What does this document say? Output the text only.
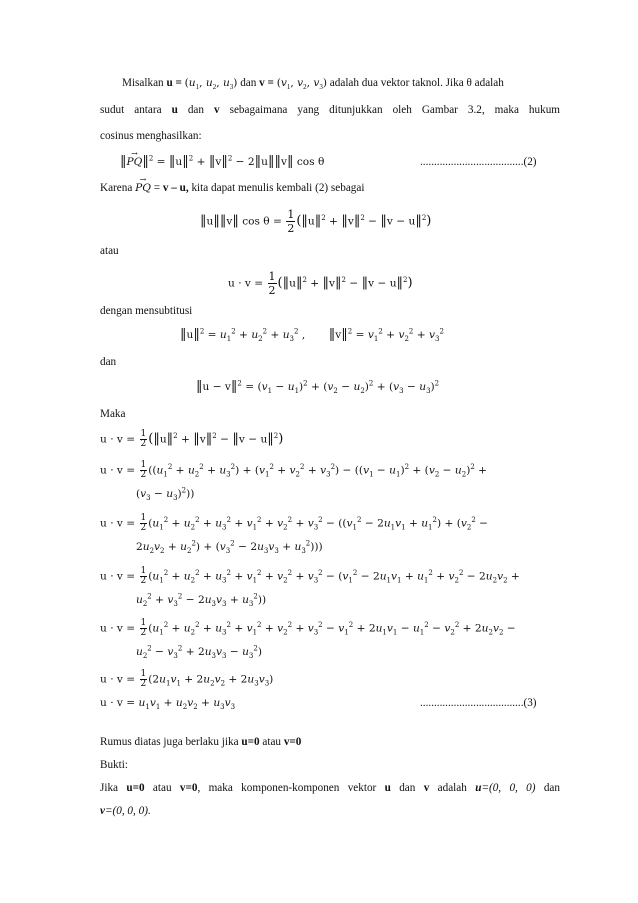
Misalkan $u = (u_1$, $u_2$, $u_3$) dan $v = (v_1$, $v_2$, $v_3$) adalah dua vektor taknol. Jika θ adalah
sudut antara u dan v sebagaimana yang ditunjukkan oleh Gambar 3.2, maka hukum
cosinus menghasilkan:
‖→ PQ‖$^2$ = ‖u‖$^2$ + ‖v‖$^2$ − 2‖u‖‖v‖ cos θ	.....................................(2)
Karena → PQ = v – u, kita dapat menulis kembali (2) sebagai
‖u‖‖v‖ $\cos \theta = \frac{1}{2}$ (‖u‖$^2$ + ‖v‖$^2$ − ‖v − u‖$^2$)
atau
$u \cdot v = \frac{1}{2}$ (‖u‖$^2$ + ‖v‖$^2$ − ‖v − u‖$^2$)
dengan mensubtitusi
‖u‖$^2$ = $u_1^2 + u_2^2 + u_3^2$ ,       ‖v‖$^2$ = $v_1^2 + v_2^2 + v_3^2$
dan
‖u − v‖$^2$ = $(v_1 - u_1)^2 + (v_2 - u_2)^2 + (v_3 - u_3)^2$
Maka
$u \cdot v = \frac{1}{2}$ (‖u‖$^2$ + ‖v‖$^2$ − ‖v − u‖$^2$)
$u \cdot v = \frac{1}{2} ((u_1^2 + u_2^2 + u_3^2) + (v_1^2 + v_2^2 + v_3^2) - ((v_1 - u_1)^2 + (v_2 - u_2)^2$ +
$(v_3 - u_3)^2$))
$u \cdot v = \frac{1}{2} (u_1^2 + u_2^2 + u_3^2 + v_1^2 + v_2^2 + v_3^2 - ((v_1^2 - 2u_1v_1 + u_1^2) + (v_2^2$ −
$2u_2v_2 + u_2^2) + (v_3^2 - 2u_3v_3 + u_3^2)$))
$u \cdot v = \frac{1}{2} (u_1^2 + u_2^2 + u_3^2 + v_1^2 + v_2^2 + v_3^2 - (v_1^2 - 2u_1v_1 + u_1^2 + v_2^2 - 2u_2v_2$ +
$u_2^2 + v_3^2 - 2u_3v_3 + u_3^2$))
$u \cdot v = \frac{1}{2} (u_1^2 + u_2^2 + u_3^2 + v_1^2 + v_2^2 + v_3^2 - v_1^2 + 2u_1v_1 - u_1^2 - v_2^2 + 2u_2v_2$ −
$u_2^2 - v_3^2 + 2u_3v_3 - u_3^2$)
$u \cdot v = \frac{1}{2} (2u_1v_1 + 2u_2v_2 + 2u_3v_3)$
$u \cdot v = u_1v_1 + u_2v_2 + u_3v_3$	.....................................(3)
Rumus diatas juga berlaku jika u=0 atau v=0
Bukti:
Jika u=0 atau v=0, maka komponen-komponen vektor u dan v adalah u=(0, 0, 0) dan
v=(0, 0, 0).
